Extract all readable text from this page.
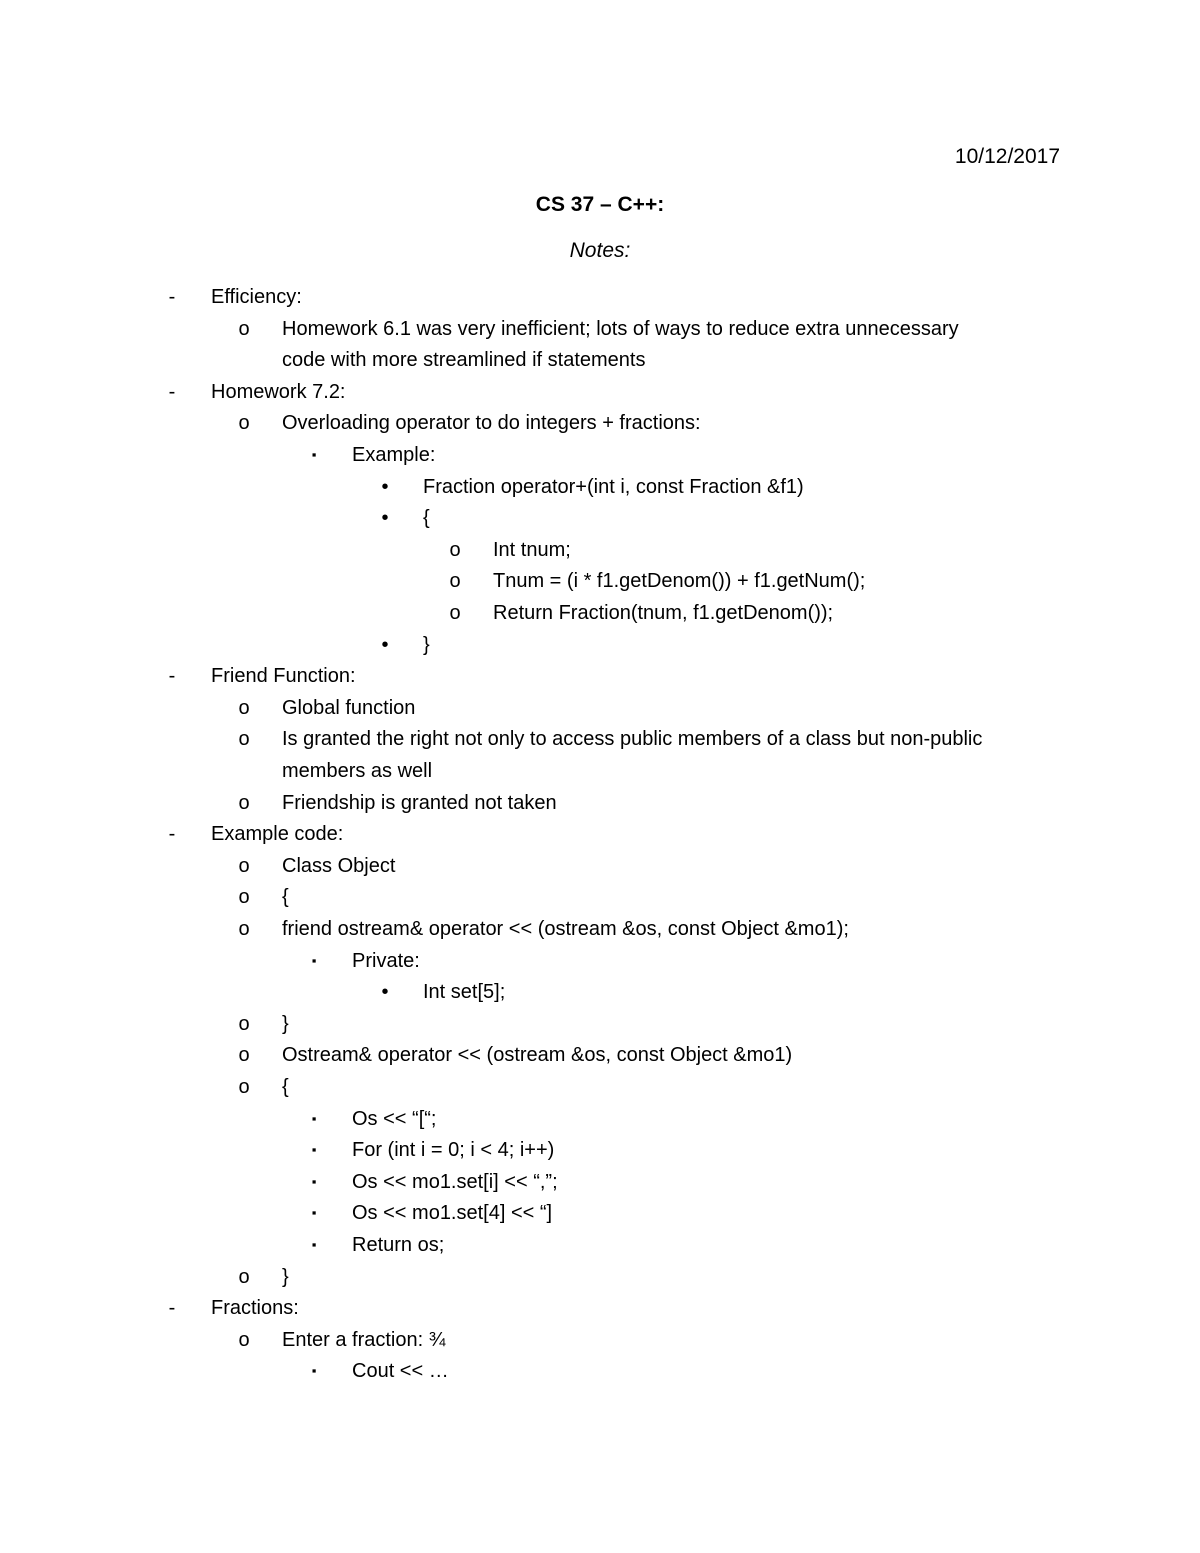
10/12/2017
CS 37 – C++:
Notes:
-	Efficiency:
o Homework 6.1 was very inefficient; lots of ways to reduce extra unnecessary
code with more streamlined if statements
-	Homework 7.2:
o Overloading operator to do integers + fractions:
▪	Example:
•	Fraction operator+(int i, const Fraction &f1)
•	{
o Int tnum;
o Tnum = (i * f1.getDenom()) + f1.getNum();
o Return Fraction(tnum, f1.getDenom());
•	}
-	Friend Function:
o Global function
o Is granted the right not only to access public members of a class but non-public
members as well
o Friendship is granted not taken
-	Example code:
o Class Object
o {
o friend ostream& operator << (ostream &os, const Object &mo1);
▪	Private:
•	Int set[5];
o }
o Ostream& operator << (ostream &os, const Object &mo1)
o {
▪	Os << “[“;
▪	For (int i = 0; i < 4; i++)
▪	Os << mo1.set[i] << “,”;
▪	Os << mo1.set[4] << “]
▪	Return os;
o }
-	Fractions:
o Enter a fraction: ¾
▪	Cout << …
